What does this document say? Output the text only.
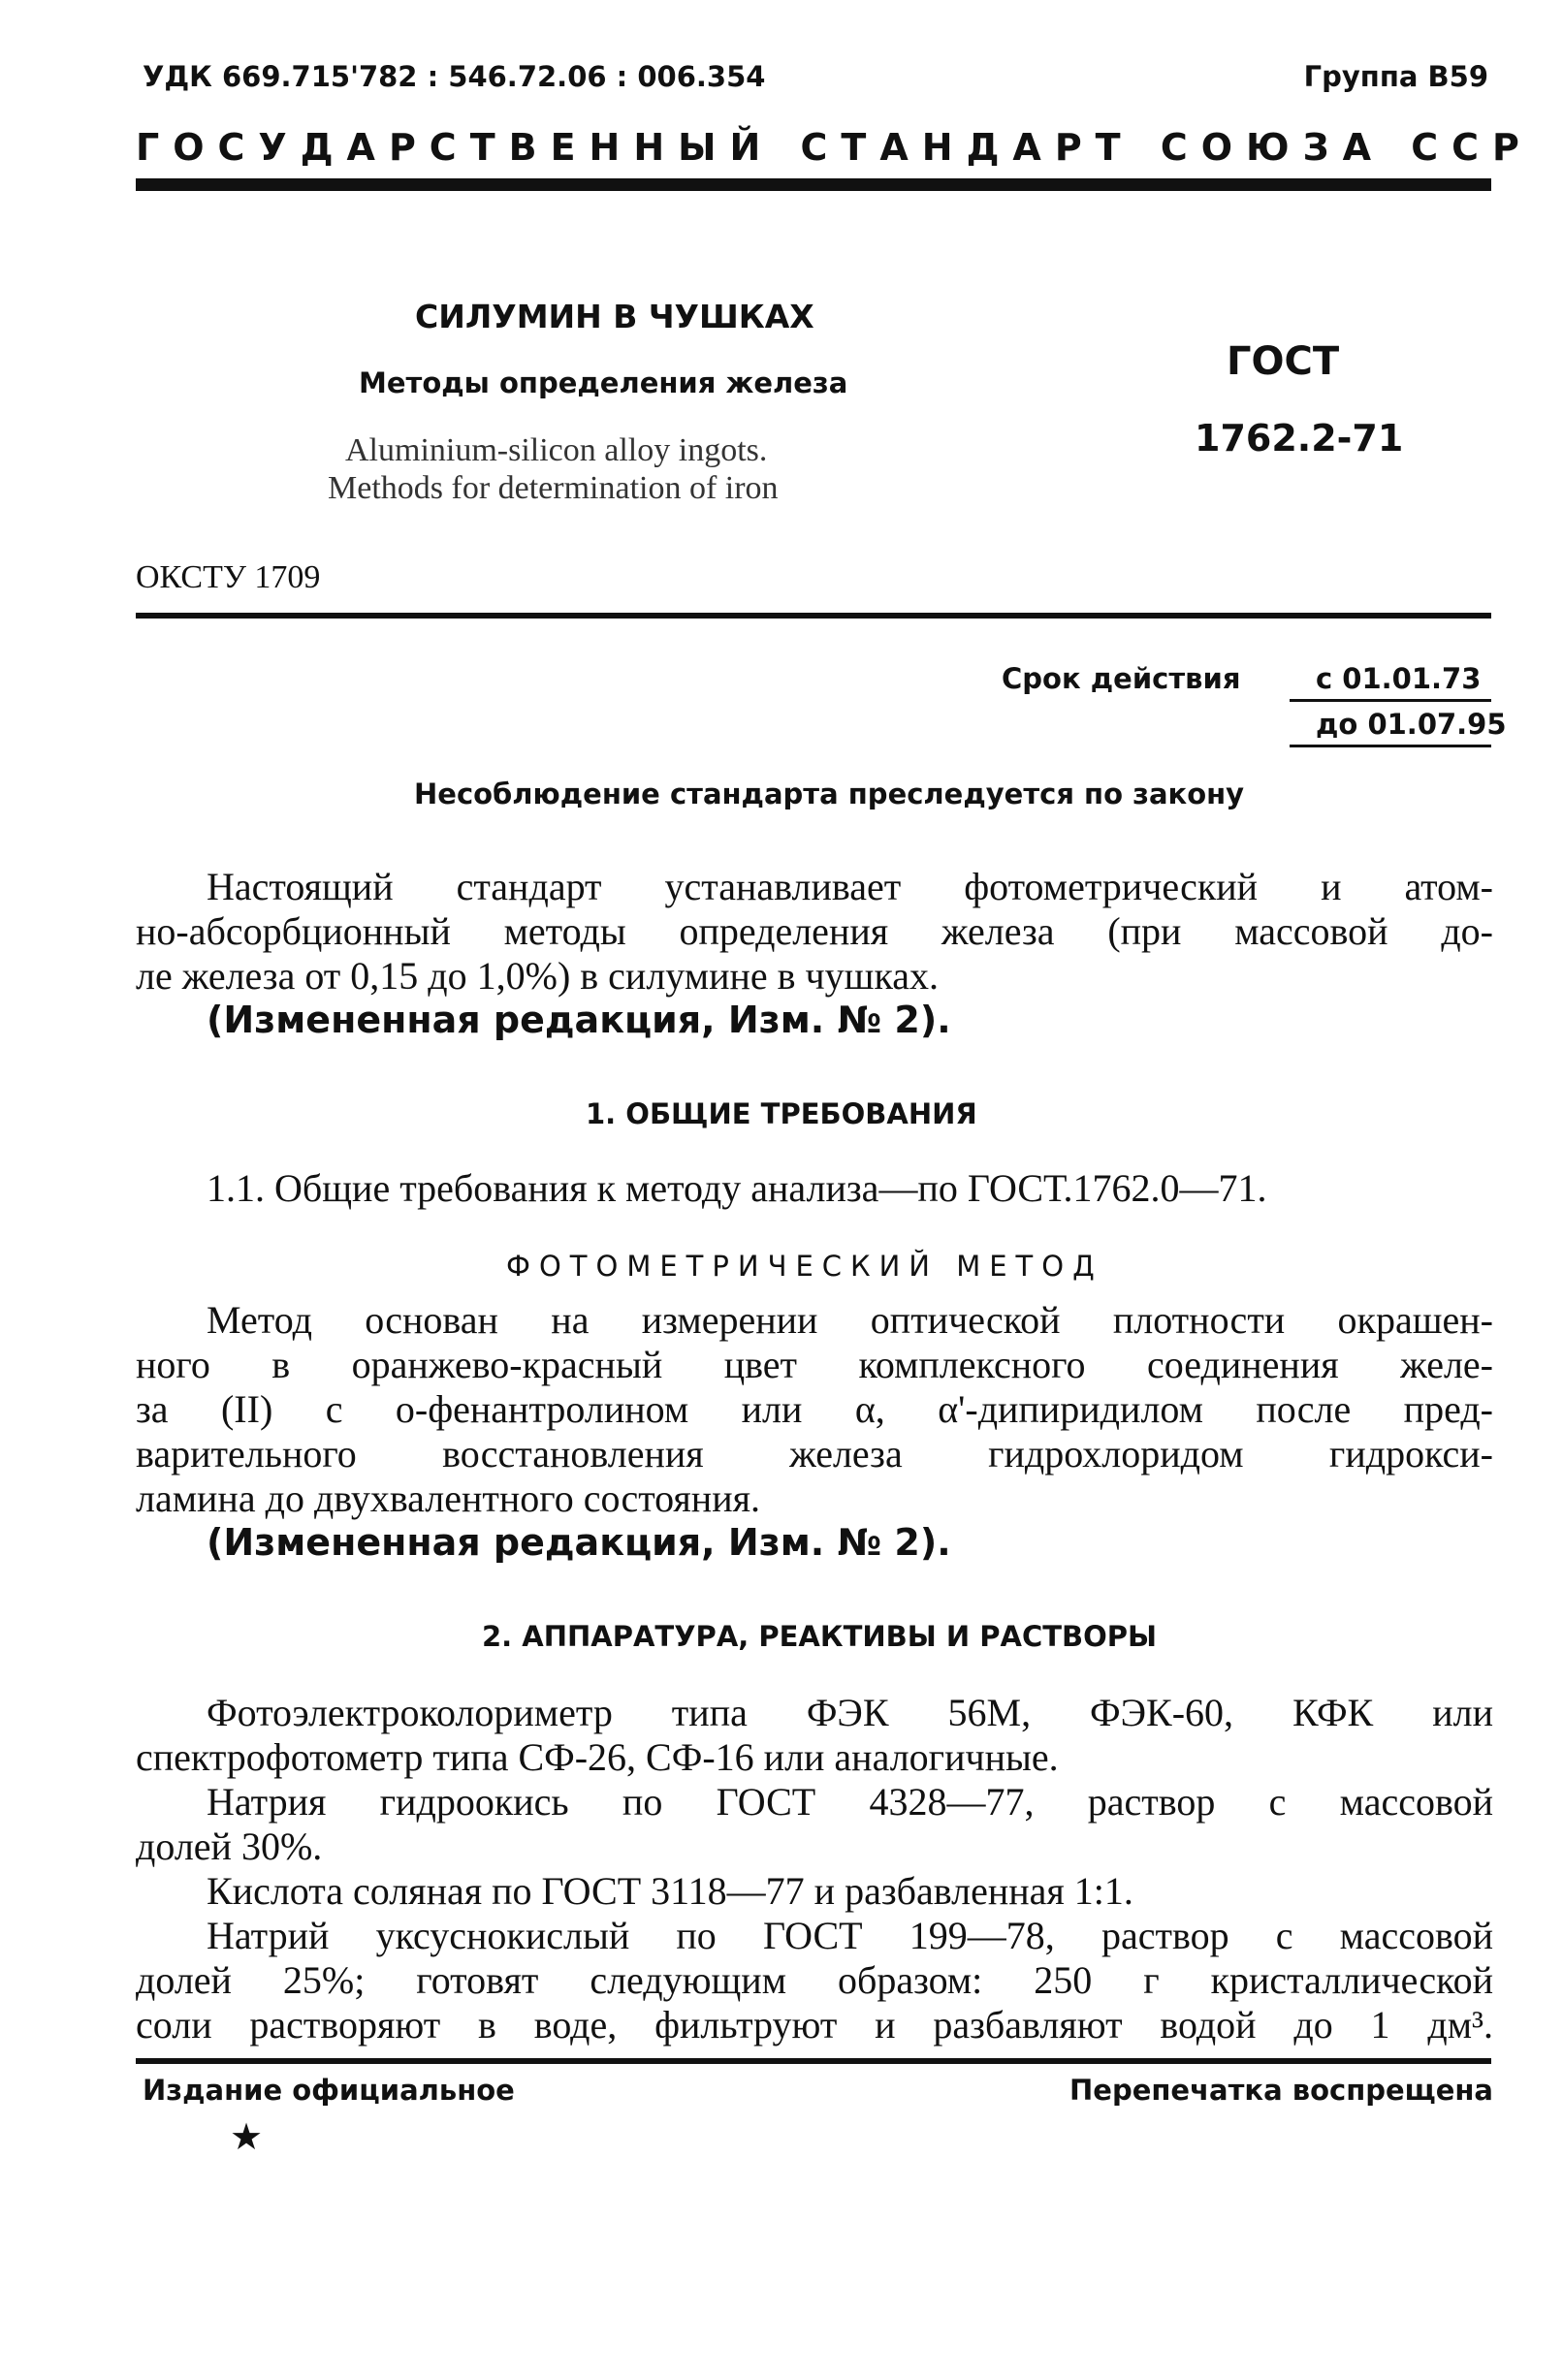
УДК 669.715'782 : 546.72.06 : 006.354	Группа В59
ГОСУДАРСТВЕННЫЙ СТАНДАРТ СОЮЗА ССР
СИЛУМИН В ЧУШКАХ
Методы определения железа
Aluminium-silicon alloy ingots.
Methods for determination of iron
ГОСТ
1762.2-71
ОКСТУ 1709
Срок действия	с 01.01.73
до 01.07.95
Несоблюдение стандарта преследуется по закону
Настоящий стандарт устанавливает фотометрический и атом-
но-абсорбционный методы определения железа (при массовой до-
ле железа от 0,15 до 1,0%) в силумине в чушках.
(Измененная редакция, Изм. № 2).
1. ОБЩИЕ ТРЕБОВАНИЯ
1.1. Общие требования к методу анализа—по ГОСТ.1762.0—71.
ФОТОМЕТРИЧЕСКИЙ МЕТОД
Метод основан на измерении оптической плотности окрашен-
ного в оранжево-красный цвет комплексного соединения желе-
за (II) с о-фенантролином или α, α'-дипиридилом после пред-
варительного восстановления железа гидрохлоридом гидрокси-
ламина до двухвалентного состояния.
(Измененная редакция, Изм. № 2).
2. АППАРАТУРА, РЕАКТИВЫ И РАСТВОРЫ
Фотоэлектроколориметр типа ФЭК 56М, ФЭК-60, КФК или
спектрофотометр типа СФ-26, СФ-16 или аналогичные.
Натрия гидроокись по ГОСТ 4328—77, раствор с массовой
долей 30%.
Кислота соляная по ГОСТ 3118—77 и разбавленная 1:1.
Натрий уксуснокислый по ГОСТ 199—78, раствор с массовой
долей 25%; готовят следующим образом: 250 г кристаллической
соли растворяют в воде, фильтруют и разбавляют водой до 1 дм³.
Издание официальное	Перепечатка воспрещена
★
